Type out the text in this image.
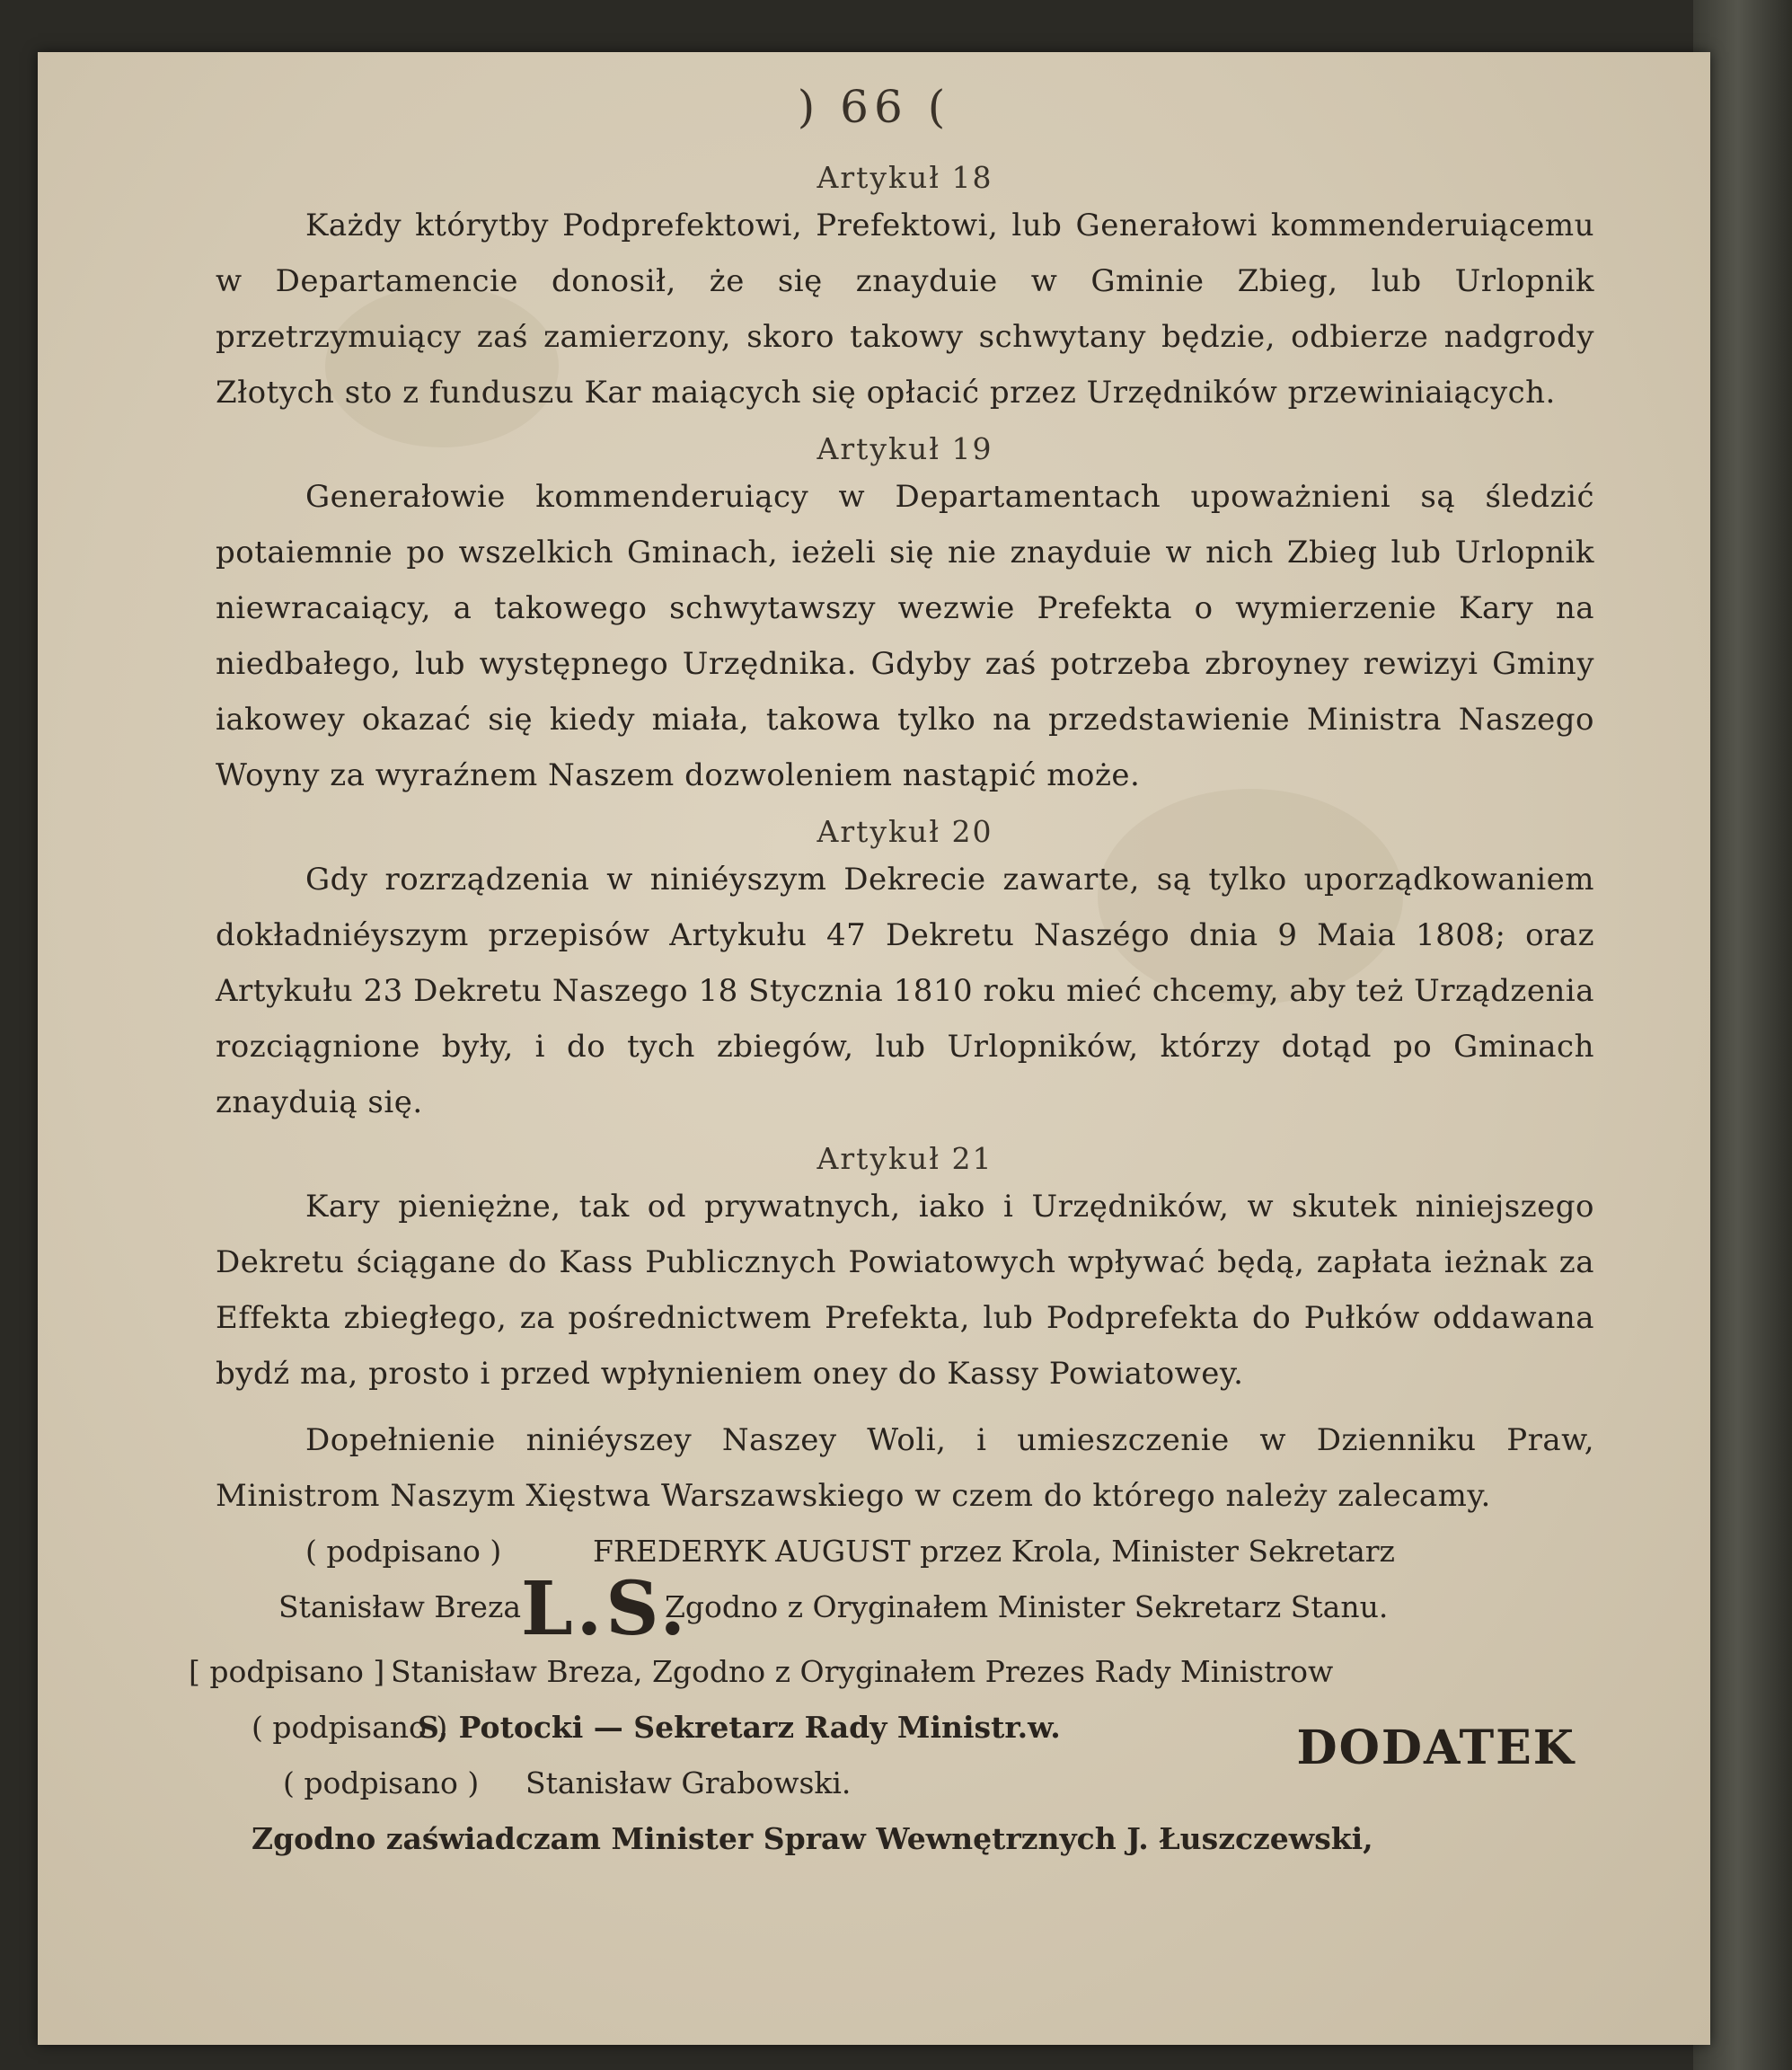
) 66 (

Artykuł 18

Każdy którytby Podprefektowi, Prefektowi, lub Generałowi kommenderuiącemu w Departamencie donosił, że się znayduie w Gminie Zbieg, lub Urlopnik przetrzymuiący zaś zamierzony, skoro takowy schwytany będzie, odbierze nadgrody Złotych sto z funduszu Kar maiących się opłacić przez Urzędników przewiniaiących.

Artykuł 19

Generałowie kommenderuiący w Departamentach upoważnieni są śledzić potaiemnie po wszelkich Gminach, ieżeli się nie znayduie w nich Zbieg lub Urlopnik niewracaiący, a takowego schwytawszy wezwie Prefekta o wymierzenie Kary na niedbałego, lub występnego Urzędnika. Gdyby zaś potrzeba zbroyney rewizyi Gminy iakowey okazać się kiedy miała, takowa tylko na przedstawienie Ministra Naszego Woyny za wyraźnem Naszem dozwoleniem nastąpić może.

Artykuł 20

Gdy rozrządzenia w niniéyszym Dekrecie zawarte, są tylko uporządkowaniem dokładniéyszym przepisów Artykułu 47 Dekretu Naszégo dnia 9 Maia 1808; oraz Artykułu 23 Dekretu Naszego 18 Stycznia 1810 roku mieć chcemy, aby też Urządzenia rozciągnione były, i do tych zbiegów, lub Urlopników, którzy dotąd po Gminach znayduią się.

Artykuł 21

Kary pieniężne, tak od prywatnych, iako i Urzędników, w skutek niniejszego Dekretu ściągane do Kass Publicznych Powiatowych wpływać będą, zapłata ieżnak za Effekta zbiegłego, za pośrednictwem Prefekta, lub Podprefekta do Pułków oddawana bydź ma, prosto i przed wpłynieniem oney do Kassy Powiatowey.

Dopełnienie niniéyszey Naszey Woli, i umieszczenie w Dzienniku Praw, Ministrom Naszym Xięstwa Warszawskiego w czem do którego należy zalecamy.

( podpisano )	FREDERYK AUGUST przez Krola, Minister Sekretarz
Stanisław Breza L.S.
Zgodno z Oryginałem Minister Sekretarz Stanu.
[ podpisano ] Stanisław Breza, Zgodno z Oryginałem Prezes Rady Ministrow
( podpisano )
S, Potocki — Sekretarz Rady Ministr.w.
( podpisano ) Stanisław Grabowski.
Zgodno zaświadczam Minister Spraw Wewnętrznych J. Łuszczewski,
DODATEK
